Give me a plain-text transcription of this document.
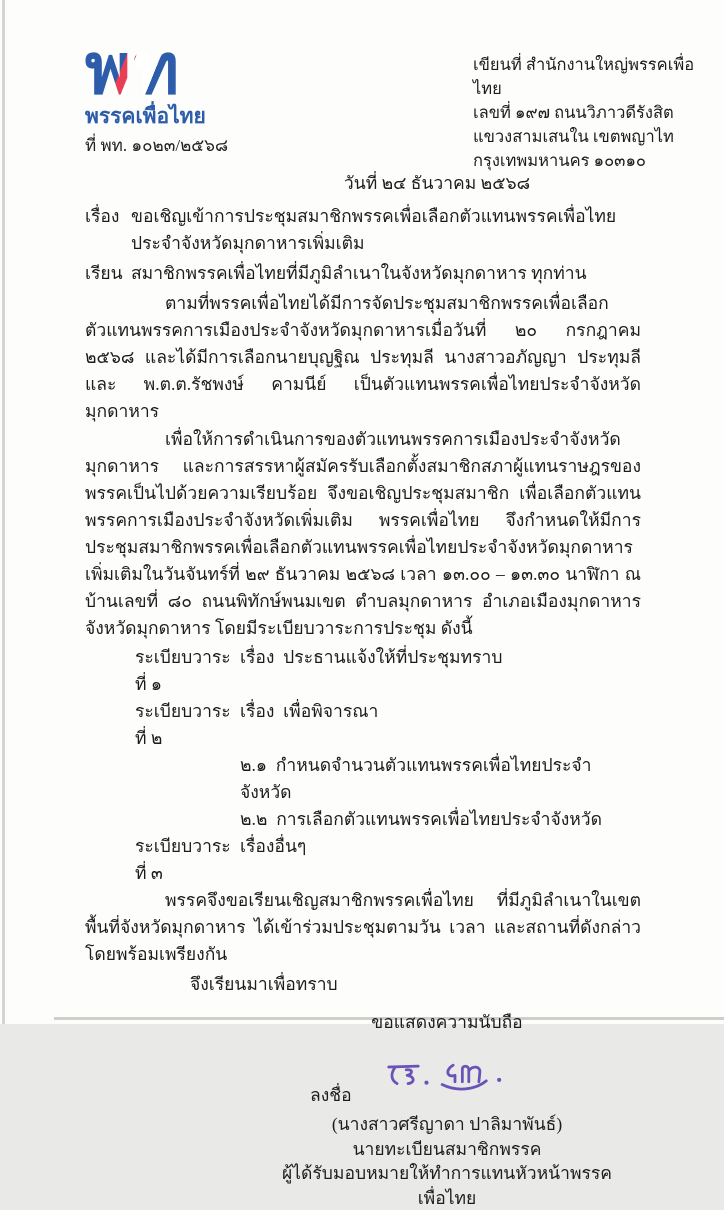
พท
พรรคเพื่อไทย
ที่ พท. ๑๐๒๓/๒๕๖๘
เขียนที่ สำนักงานใหญ่พรรคเพื่อไทย
เลขที่ ๑๙๗ ถนนวิภาวดีรังสิต
แขวงสามเสนใน เขตพญาไท
กรุงเทพมหานคร ๑๐๓๑๐
วันที่ ๒๔ ธันวาคม ๒๕๖๘
เรื่อง ขอเชิญเข้าการประชุมสมาชิกพรรคเพื่อเลือกตัวแทนพรรคเพื่อไทยประจำจังหวัดมุกดาหารเพิ่มเติม
เรียน สมาชิกพรรคเพื่อไทยที่มีภูมิลำเนาในจังหวัดมุกดาหาร ทุกท่าน

ตามที่พรรคเพื่อไทยได้มีการจัดประชุมสมาชิกพรรคเพื่อเลือกตัวแทนพรรคการเมืองประจำจังหวัดมุกดาหารเมื่อวันที่ ๒๐ กรกฎาคม ๒๕๖๘ และได้มีการเลือกนายบุญฐิณ ประทุมลี นางสาวอภัญญา ประทุมลี และ พ.ต.ต.รัชพงษ์ คามนีย์ เป็นตัวแทนพรรคเพื่อไทยประจำจังหวัดมุกดาหาร

เพื่อให้การดำเนินการของตัวแทนพรรคการเมืองประจำจังหวัดมุกดาหาร และการสรรหาผู้สมัครรับเลือกตั้งสมาชิกสภาผู้แทนราษฎรของพรรคเป็นไปด้วยความเรียบร้อย จึงขอเชิญประชุมสมาชิก เพื่อเลือกตัวแทนพรรคการเมืองประจำจังหวัดเพิ่มเติม พรรคเพื่อไทย จึงกำหนดให้มีการประชุมสมาชิกพรรคเพื่อเลือกตัวแทนพรรคเพื่อไทยประจำจังหวัดมุกดาหารเพิ่มเติมในวันจันทร์ที่ ๒๙ ธันวาคม ๒๕๖๘ เวลา ๑๓.๐๐ – ๑๓.๓๐ นาฬิกา ณ บ้านเลขที่ ๘๐ ถนนพิทักษ์พนมเขต ตำบลมุกดาหาร อำเภอเมืองมุกดาหาร จังหวัดมุกดาหาร โดยมีระเบียบวาระการประชุม ดังนี้

ระเบียบวาระที่ ๑
เรื่อง  ประธานแจ้งให้ที่ประชุมทราบ
ระเบียบวาระที่ ๒
เรื่อง  เพื่อพิจารณา
๒.๑  กำหนดจำนวนตัวแทนพรรคเพื่อไทยประจำจังหวัด
๒.๒  การเลือกตัวแทนพรรคเพื่อไทยประจำจังหวัด
ระเบียบวาระที่ ๓
เรื่องอื่นๆ

พรรคจึงขอเรียนเชิญสมาชิกพรรคเพื่อไทย ที่มีภูมิลำเนาในเขตพื้นที่จังหวัดมุกดาหาร ได้เข้าร่วมประชุมตามวัน เวลา และสถานที่ดังกล่าว โดยพร้อมเพรียงกัน

จึงเรียนมาเพื่อทราบ
ขอแสดงความนับถือ
ลงชื่อ
(นางสาวศรีญาดา ปาลิมาพันธ์)
นายทะเบียนสมาชิกพรรค
ผู้ได้รับมอบหมายให้ทำการแทนหัวหน้าพรรคเพื่อไทย
